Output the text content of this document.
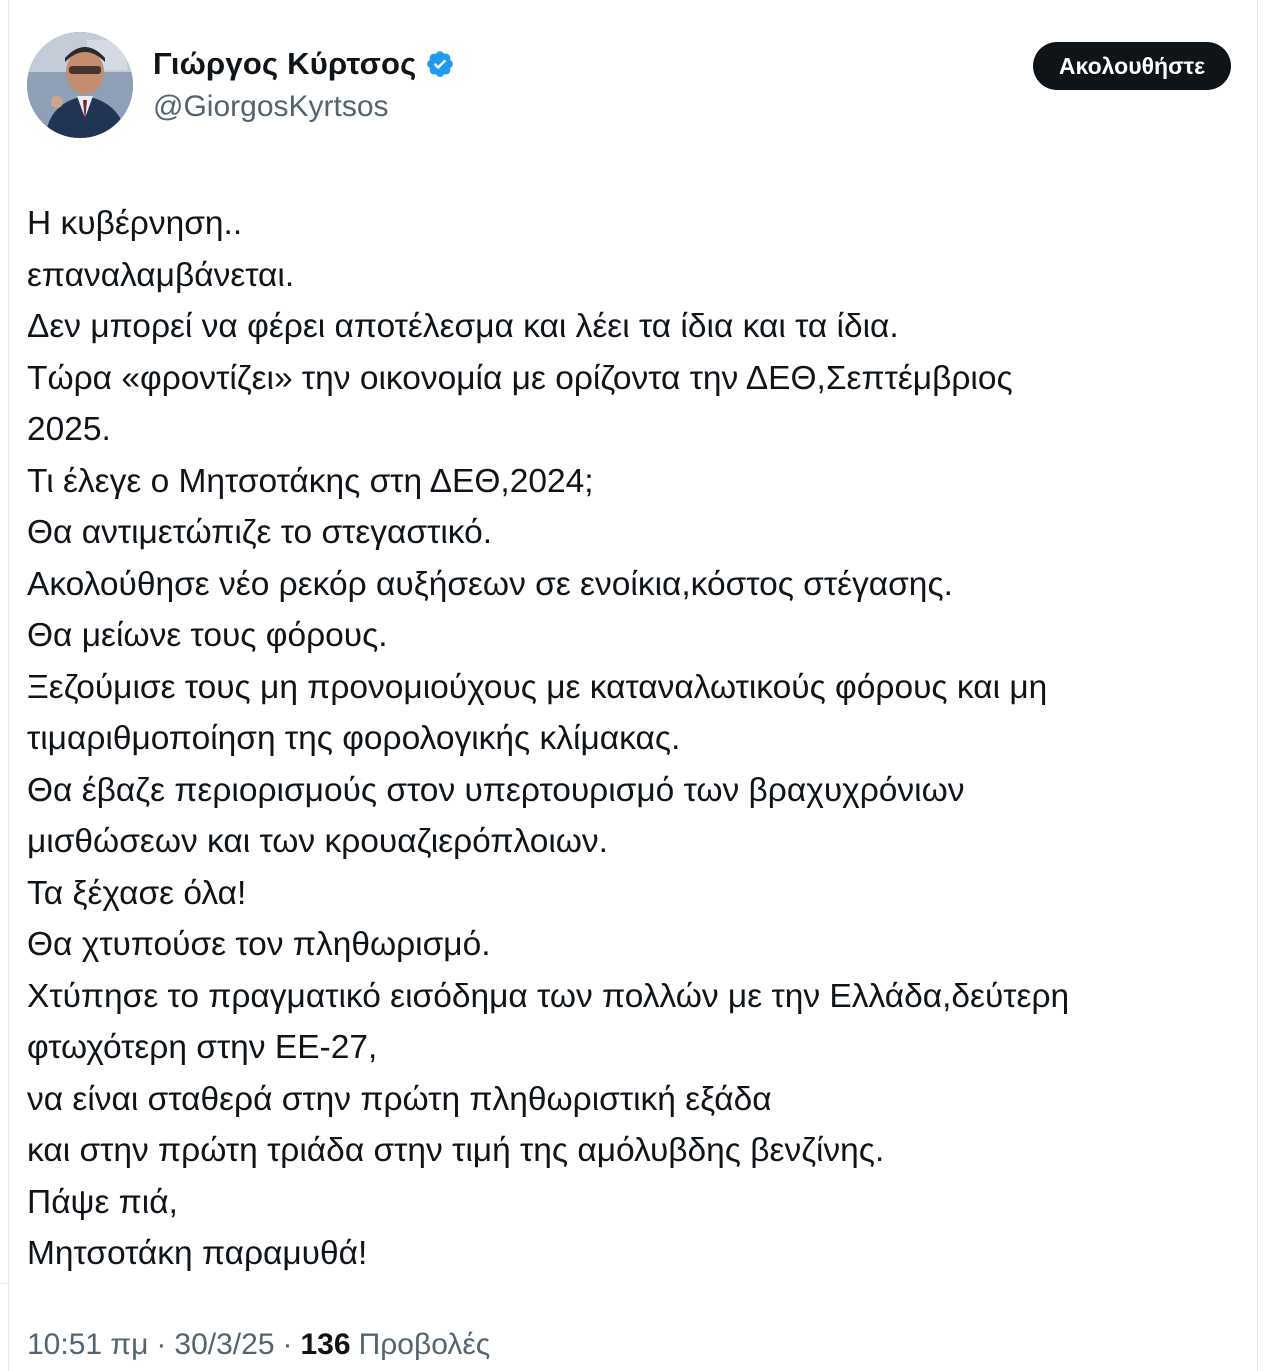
Γιώργος Κύρτσος
@GiorgosKyrtsos
Ακολουθήστε
Η κυβέρνηση..
επαναλαμβάνεται.
Δεν μπορεί να φέρει αποτέλεσμα και λέει τα ίδια και τα ίδια.
Τώρα «φροντίζει» την οικονομία με ορίζοντα την ΔΕΘ,Σεπτέμβριος
2025.
Τι έλεγε ο Μητσοτάκης στη ΔΕΘ,2024;
Θα αντιμετώπιζε το στεγαστικό.
Ακολούθησε νέο ρεκόρ αυξήσεων σε ενοίκια,κόστος στέγασης.
Θα μείωνε τους φόρους.
Ξεζούμισε τους μη προνομιούχους με καταναλωτικούς φόρους και μη
τιμαριθμοποίηση της φορολογικής κλίμακας.
Θα έβαζε περιορισμούς στον υπερτουρισμό των βραχυχρόνιων
μισθώσεων και των κρουαζιερόπλοιων.
Τα ξέχασε όλα!
Θα χτυπούσε τον πληθωρισμό.
Χτύπησε το πραγματικό εισόδημα των πολλών με την Ελλάδα,δεύτερη
φτωχότερη στην ΕΕ-27,
να είναι σταθερά στην πρώτη πληθωριστική εξάδα
και στην πρώτη τριάδα στην τιμή της αμόλυβδης βενζίνης.
Πάψε πιά,
Μητσοτάκη παραμυθά!
10:51 πμ · 30/3/25 · 136 Προβολές
